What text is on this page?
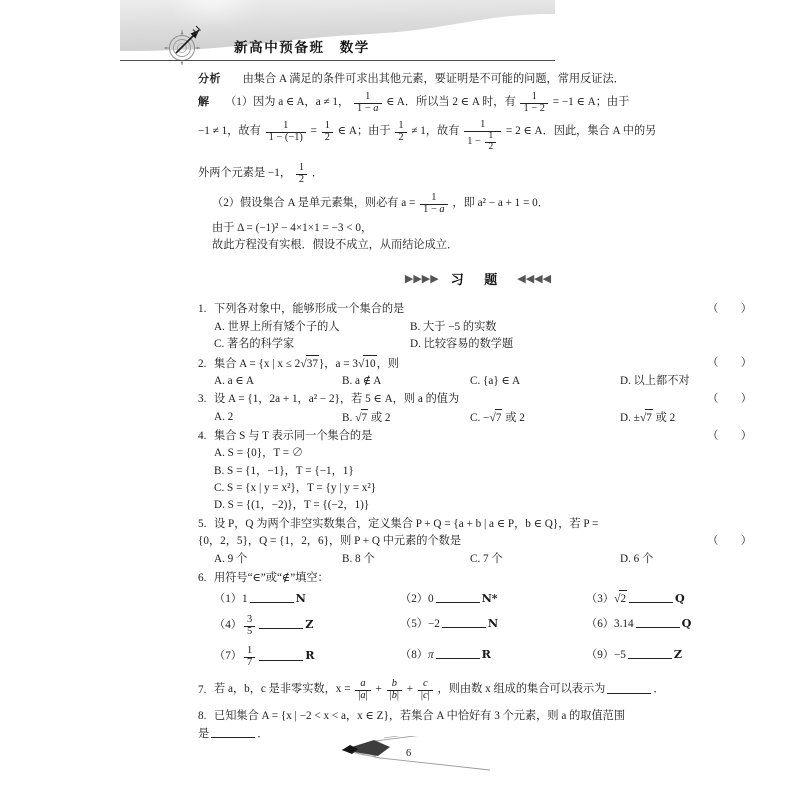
新高中预备班　数学
分析 由集合 A 满足的条件可求出其他元素，要证明是不可能的问题，常用反证法．
解 （1）因为 a ∈ A，a ≠ 1， $\frac{1}{1 - a}$ ∈ A．所以当 2 ∈ A 时，有 $\frac{1}{1 - 2} = -1$ ∈ A；由于
−1 ≠ 1，故有 $\frac{1}{1 - (-1)} = \frac{1}{2}$ ∈ A；由于 $\frac{1}{2} \ne 1$，故有 $\frac{1}{1 - \frac{1}{2}} = 2$ ∈ A．因此，集合 A 中的另
外两个元素是 −1， $\frac{1}{2}$ ．
（2）假设集合 A 是单元素集，则必有 $a = \frac{1}{1 - a}$ ，即 a² − a + 1 = 0．
由于 Δ = (−1)² − 4×1×1 = −3 < 0，
故此方程没有实根．假设不成立，从而结论成立．
▶▶▶▶ 习 题 ◀◀◀◀
1. 下列各对象中，能够形成一个集合的是	（　　）
A. 世界上所有矮个子的人	B. 大于 −5 的实数
C. 著名的科学家	D. 比较容易的数学题
2. 集合 A = {x | x ≤ 2√37}，a = 3√10，则	（　　）
A. a ∈ A	B. a ∉ A	C. {a} ∈ A	D. 以上都不对
3. 设 A = {1，2a + 1，a² − 2}，若 5 ∈ A，则 a 的值为	（　　）
A. 2	B. √7 或 2	C. −√7 或 2	D. ±√7 或 2
4. 集合 S 与 T 表示同一个集合的是	（　　）
A. S = {0}，T = ∅
B. S = {1，−1}，T = {−1，1}
C. S = {x | y = x²}，T = {y | y = x²}
D. S = {(1，−2)}，T = {(−2，1)}
5. 设 P，Q 为两个非空实数集合，定义集合 P + Q = {a + b | a ∈ P，b ∈ Q}，若 P =
{0，2，5}，Q = {1，2，6}，则 P + Q 中元素的个数是	（　　）
A. 9 个	B. 8 个	C. 7 个	D. 6 个
6. 用符号“∈”或“∉”填空：
（1）1	N	（2）0	N*	（3）√2	Q
$(4) \frac{3}{5}$	Z	（5）−2	N	（6）3.14	Q
$(7) \frac{1}{7}$	R	（8）π	R	（9）−5	Z
7. 若 a，b，c 是非零实数，$x = \frac{a}{|a|} + \frac{b}{|b|} + \frac{c}{|c|}$ ，则由数 x 组成的集合可以表示为	．
8. 已知集合 A = {x | −2 < x < a，x ∈ Z}，若集合 A 中恰好有 3 个元素，则 a 的取值范围
是	．
6
